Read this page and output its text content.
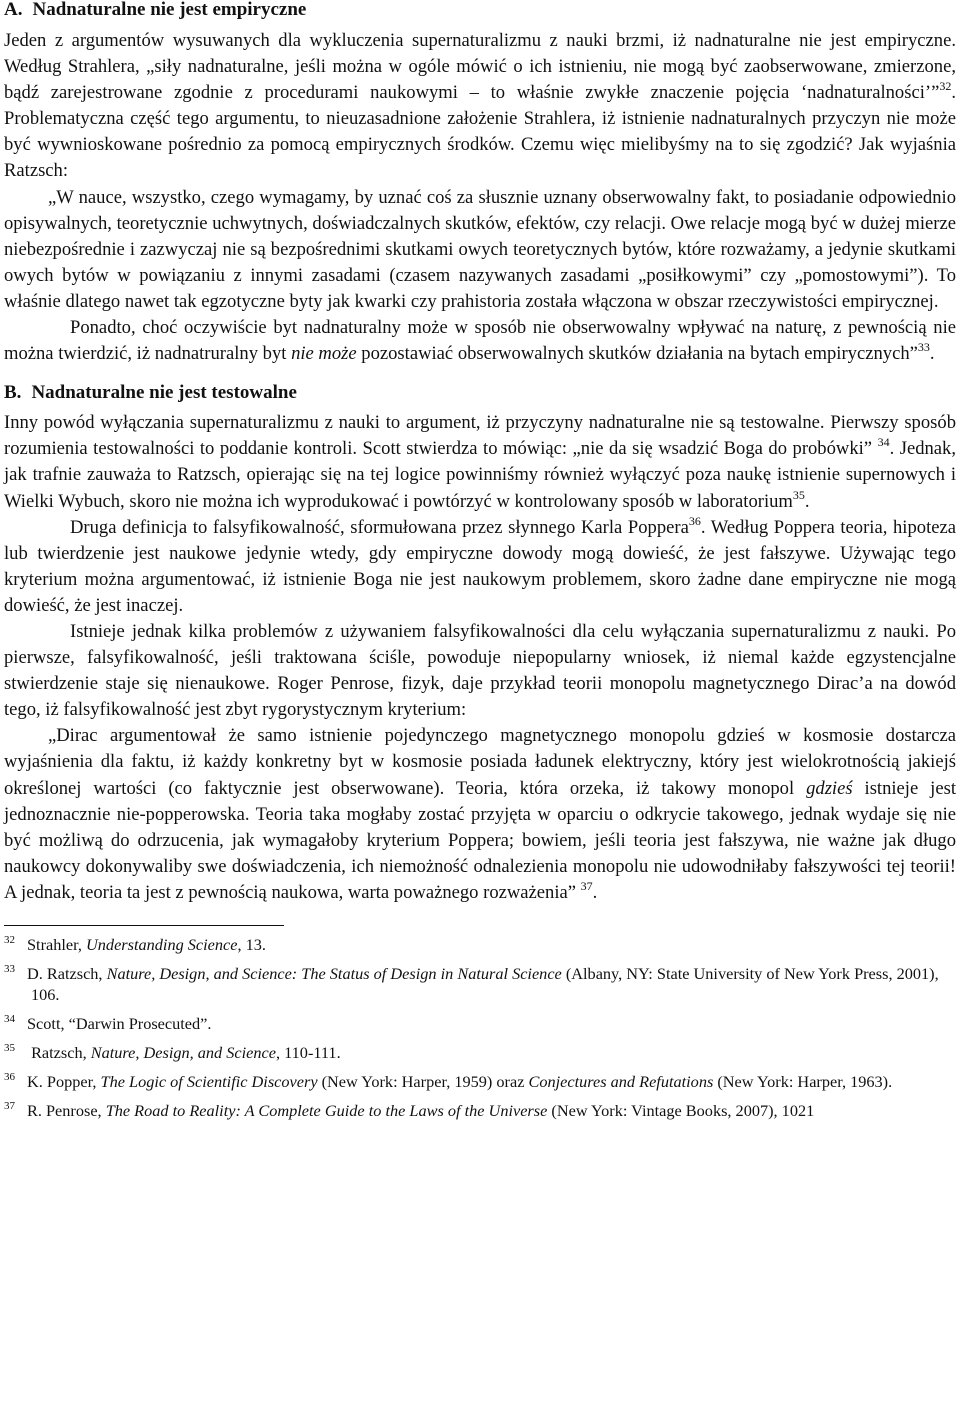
A. Nadnaturalne nie jest empiryczne

Jeden z argumentów wysuwanych dla wykluczenia supernaturalizmu z nauki brzmi, iż nadnaturalne nie jest empiryczne. Według Strahlera, „siły nadnaturalne, jeśli można w ogóle mówić o ich istnieniu, nie mogą być zaobserwowane, zmierzone, bądź zarejestrowane zgodnie z procedurami naukowymi – to właśnie zwykłe znaczenie pojęcia ‘nadnaturalności’”$^{32}$. Problematyczna część tego argumentu, to nieuzasadnione założenie Strahlera, iż istnienie nadnaturalnych przyczyn nie może być wywnioskowane pośrednio za pomocą empirycznych środków. Czemu więc mielibyśmy na to się zgodzić? Jak wyjaśnia Ratzsch:

„W nauce, wszystko, czego wymagamy, by uznać coś za słusznie uznany obserwowalny fakt, to posiadanie odpowiednio opisywalnych, teoretycznie uchwytnych, doświadczalnych skutków, efektów, czy relacji. Owe relacje mogą być w dużej mierze niebezpośrednie i zazwyczaj nie są bezpośrednimi skutkami owych teoretycznych bytów, które rozważamy, a jedynie skutkami owych bytów w powiązaniu z innymi zasadami (czasem nazywanych zasadami „posiłkowymi” czy „pomostowymi”). To właśnie dlatego nawet tak egzotyczne byty jak kwarki czy prahistoria została włączona w obszar rzeczywistości empirycznej.

Ponadto, choć oczywiście byt nadnaturalny może w sposób nie obserwowalny wpływać na naturę, z pewnością nie można twierdzić, iż nadnatruralny byt nie może pozostawiać obserwowalnych skutków działania na bytach empirycznych”$^{33}$.

B. Nadnaturalne nie jest testowalne

Inny powód wyłączania supernaturalizmu z nauki to argument, iż przyczyny nadnaturalne nie są testowalne. Pierwszy sposób rozumienia testowalności to poddanie kontroli. Scott stwierdza to mówiąc: „nie da się wsadzić Boga do probówki” $^{34}$. Jednak, jak trafnie zauważa to Ratzsch, opierając się na tej logice powinniśmy również wyłączyć poza naukę istnienie supernowych i Wielki Wybuch, skoro nie można ich wyprodukować i powtórzyć w kontrolowany sposób w laboratorium$^{35}$.

Druga definicja to falsyfikowalność, sformułowana przez słynnego Karla Poppera$^{36}$. Według Poppera teoria, hipoteza lub twierdzenie jest naukowe jedynie wtedy, gdy empiryczne dowody mogą dowieść, że jest fałszywe. Używając tego kryterium można argumentować, iż istnienie Boga nie jest naukowym problemem, skoro żadne dane empiryczne nie mogą dowieść, że jest inaczej.

Istnieje jednak kilka problemów z używaniem falsyfikowalności dla celu wyłączania supernaturalizmu z nauki. Po pierwsze, falsyfikowalność, jeśli traktowana ściśle, powoduje niepopularny wniosek, iż niemal każde egzystencjalne stwierdzenie staje się nienaukowe. Roger Penrose, fizyk, daje przykład teorii monopolu magnetycznego Dirac’a na dowód tego, iż falsyfikowalność jest zbyt rygorystycznym kryterium:

„Dirac argumentował że samo istnienie pojedynczego magnetycznego monopolu gdzieś w kosmosie dostarcza wyjaśnienia dla faktu, iż każdy konkretny byt w kosmosie posiada ładunek elektryczny, który jest wielokrotnością jakiejś określonej wartości (co faktycznie jest obserwowane). Teoria, która orzeka, iż takowy monopol gdzieś istnieje jest jednoznacznie nie-popperowska. Teoria taka mogłaby zostać przyjęta w oparciu o odkrycie takowego, jednak wydaje się nie być możliwą do odrzucenia, jak wymagałoby kryterium Poppera; bowiem, jeśli teoria jest fałszywa, nie ważne jak długo naukowcy dokonywaliby swe doświadczenia, ich niemożność odnalezienia monopolu nie udowodniłaby fałszywości tej teorii! A jednak, teoria ta jest z pewnością naukowa, warta poważnego rozważenia” $^{37}$.

32 Strahler, Understanding Science, 13.

33 D. Ratzsch, Nature, Design, and Science: The Status of Design in Natural Science (Albany, NY: State University of New York Press, 2001), 106.

34 Scott, “Darwin Prosecuted”.

35 Ratzsch, Nature, Design, and Science, 110-111.

36 K. Popper, The Logic of Scientific Discovery (New York: Harper, 1959) oraz Conjectures and Refutations (New York: Harper, 1963).

37 R. Penrose, The Road to Reality: A Complete Guide to the Laws of the Universe (New York: Vintage Books, 2007), 1021
